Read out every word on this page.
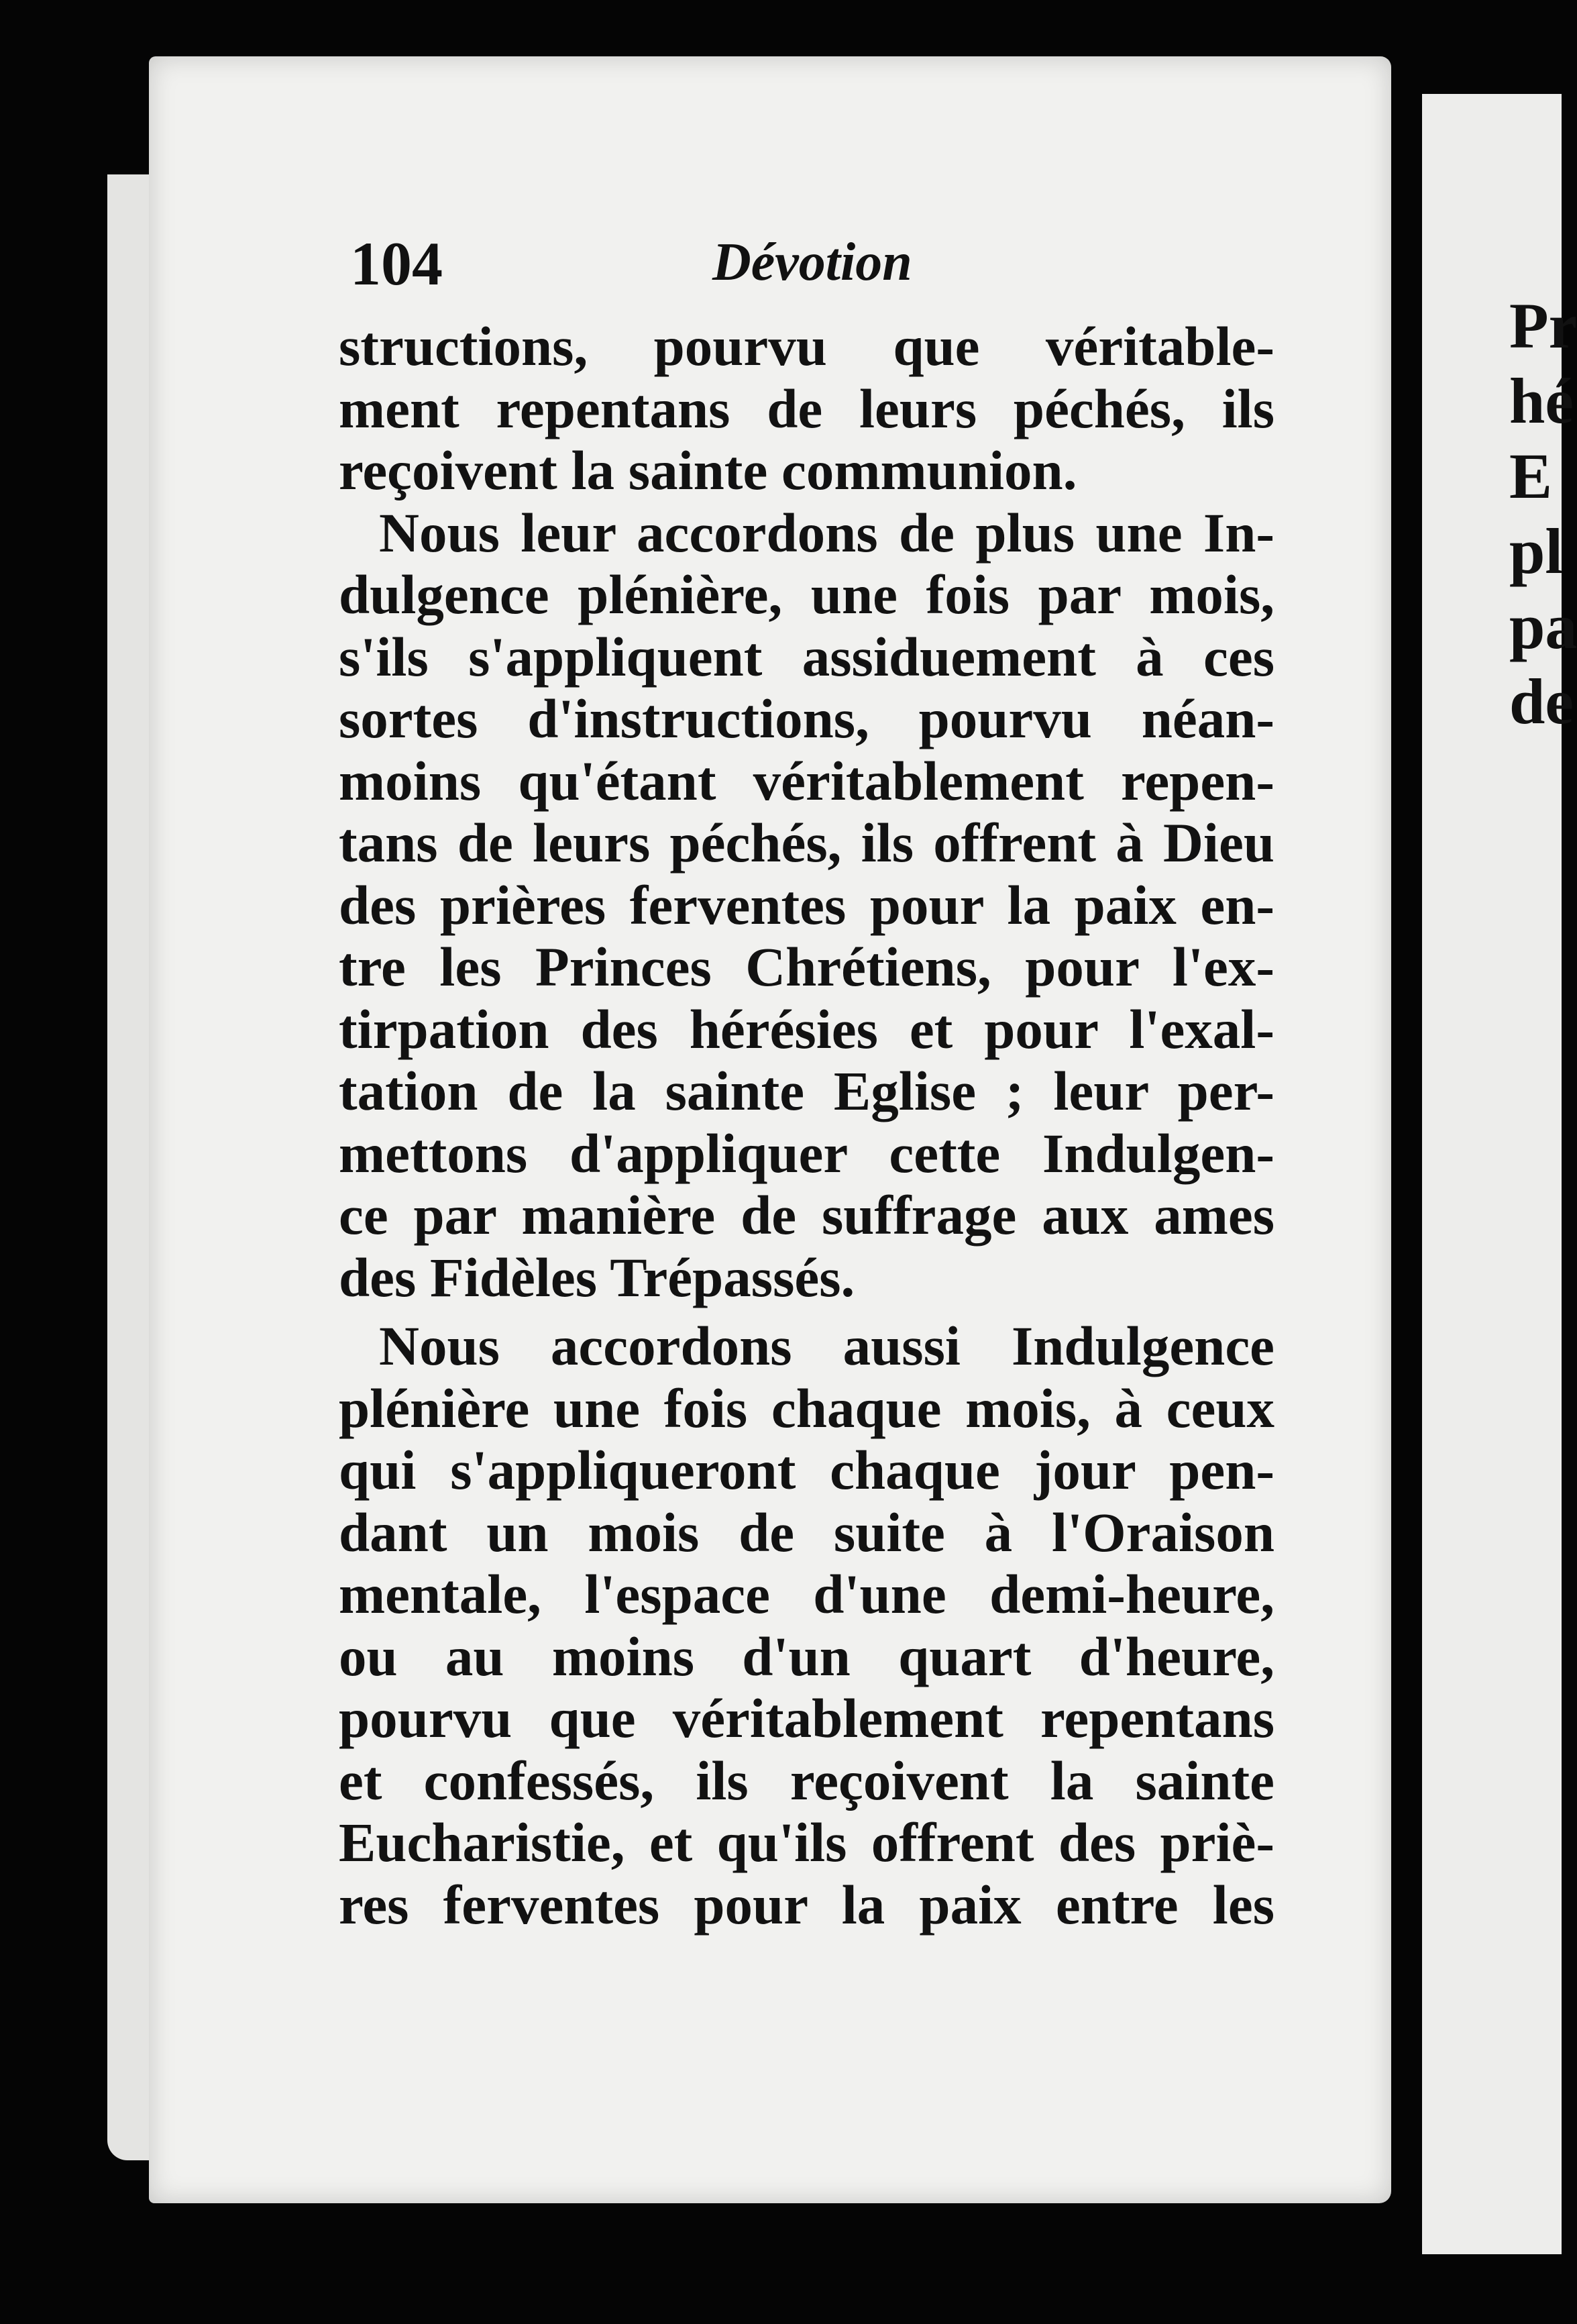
Pr
hé
E
pl
pa
de
104	Dévotion
structions, pourvu que véritable-
ment repentans de leurs péchés, ils
reçoivent la sainte communion.
Nous leur accordons de plus une In-
dulgence plénière, une fois par mois,
s'ils s'appliquent assiduement à ces
sortes d'instructions, pourvu néan-
moins qu'étant véritablement repen-
tans de leurs péchés, ils offrent à Dieu
des prières ferventes pour la paix en-
tre les Princes Chrétiens, pour l'ex-
tirpation des hérésies et pour l'exal-
tation de la sainte Eglise ; leur per-
mettons d'appliquer cette Indulgen-
ce par manière de suffrage aux ames
des Fidèles Trépassés.
Nous accordons aussi Indulgence
plénière une fois chaque mois, à ceux
qui s'appliqueront chaque jour pen-
dant un mois de suite à l'Oraison
mentale, l'espace d'une demi-heure,
ou au moins d'un quart d'heure,
pourvu que véritablement repentans
et confessés, ils reçoivent la sainte
Eucharistie, et qu'ils offrent des priè-
res ferventes pour la paix entre les
